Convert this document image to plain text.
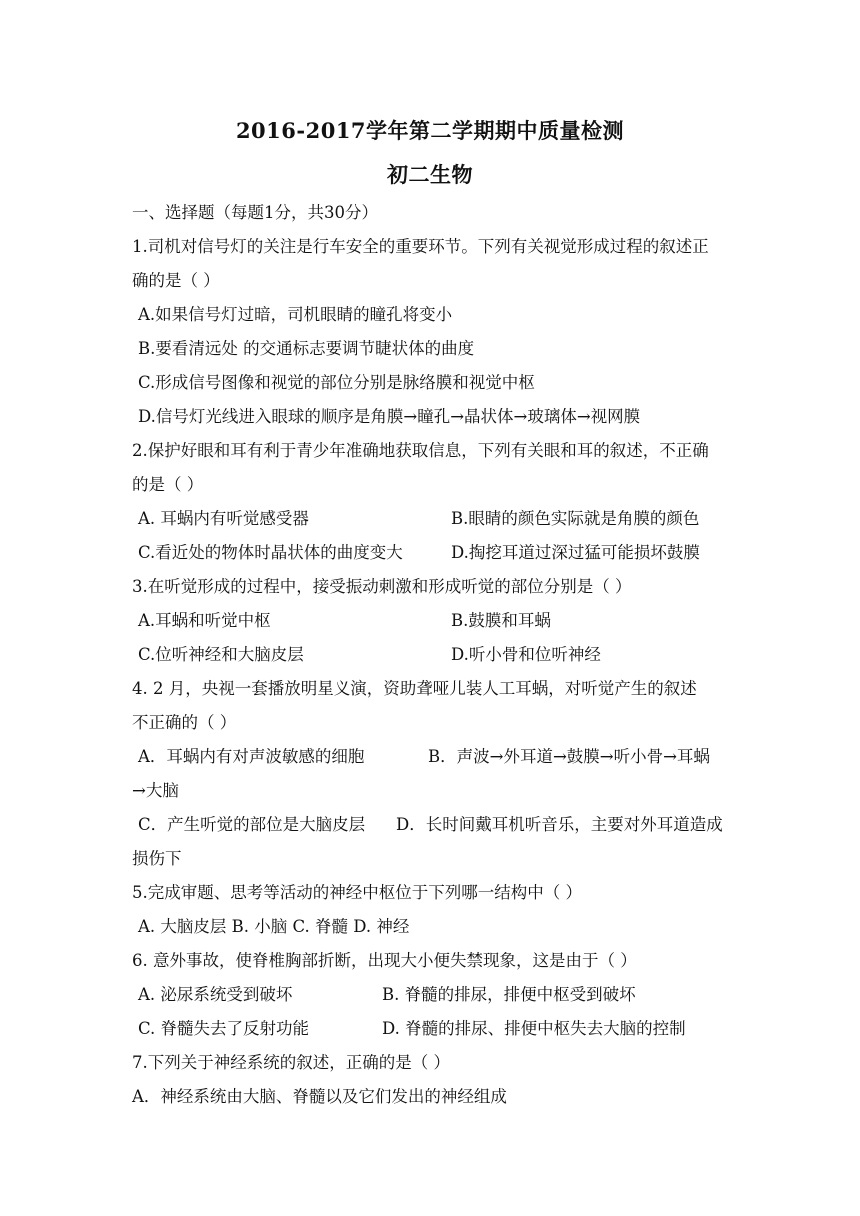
2016-2017学年第二学期期中质量检测
初二生物
一、选择题（每题1分，共30分）
1.司机对信号灯的关注是行车安全的重要环节。下列有关视觉形成过程的叙述正
确的是（ ）
A.如果信号灯过暗，司机眼睛的瞳孔将变小
B.要看清远处 的交通标志要调节睫状体的曲度
C.形成信号图像和视觉的部位分别是脉络膜和视觉中枢
D.信号灯光线进入眼球的顺序是角膜→瞳孔→晶状体→玻璃体→视网膜
2.保护好眼和耳有利于青少年准确地获取信息，下列有关眼和耳的叙述，不正确
的是（ ）
A. 耳蜗内有听觉感受器	B.眼睛的颜色实际就是角膜的颜色
C.看近处的物体时晶状体的曲度变大	D.掏挖耳道过深过猛可能损坏鼓膜
3.在听觉形成的过程中，接受振动刺激和形成听觉的部位分别是（ ）
A.耳蜗和听觉中枢	B.鼓膜和耳蜗
C.位听神经和大脑皮层	D.听小骨和位听神经
4. 2 月，央视一套播放明星义演，资助聋哑儿装人工耳蜗，对听觉产生的叙述
不正确的（ ）
A．耳蜗内有对声波敏感的细胞	B．声波→外耳道→鼓膜→听小骨→耳蜗
→大脑
C．产生听觉的部位是大脑皮层 D．长时间戴耳机听音乐，主要对外耳道造成
损伤下
5.完成审题、思考等活动的神经中枢位于下列哪一结构中（ ）
A. 大脑皮层 B. 小脑 C. 脊髓 D. 神经
6. 意外事故，使脊椎胸部折断，出现大小便失禁现象，这是由于（ ）
A. 泌尿系统受到破坏	B. 脊髓的排尿，排便中枢受到破坏
C. 脊髓失去了反射功能	D. 脊髓的排尿、排便中枢失去大脑的控制
7.下列关于神经系统的叙述，正确的是（ ）
A．神经系统由大脑、脊髓以及它们发出的神经组成
